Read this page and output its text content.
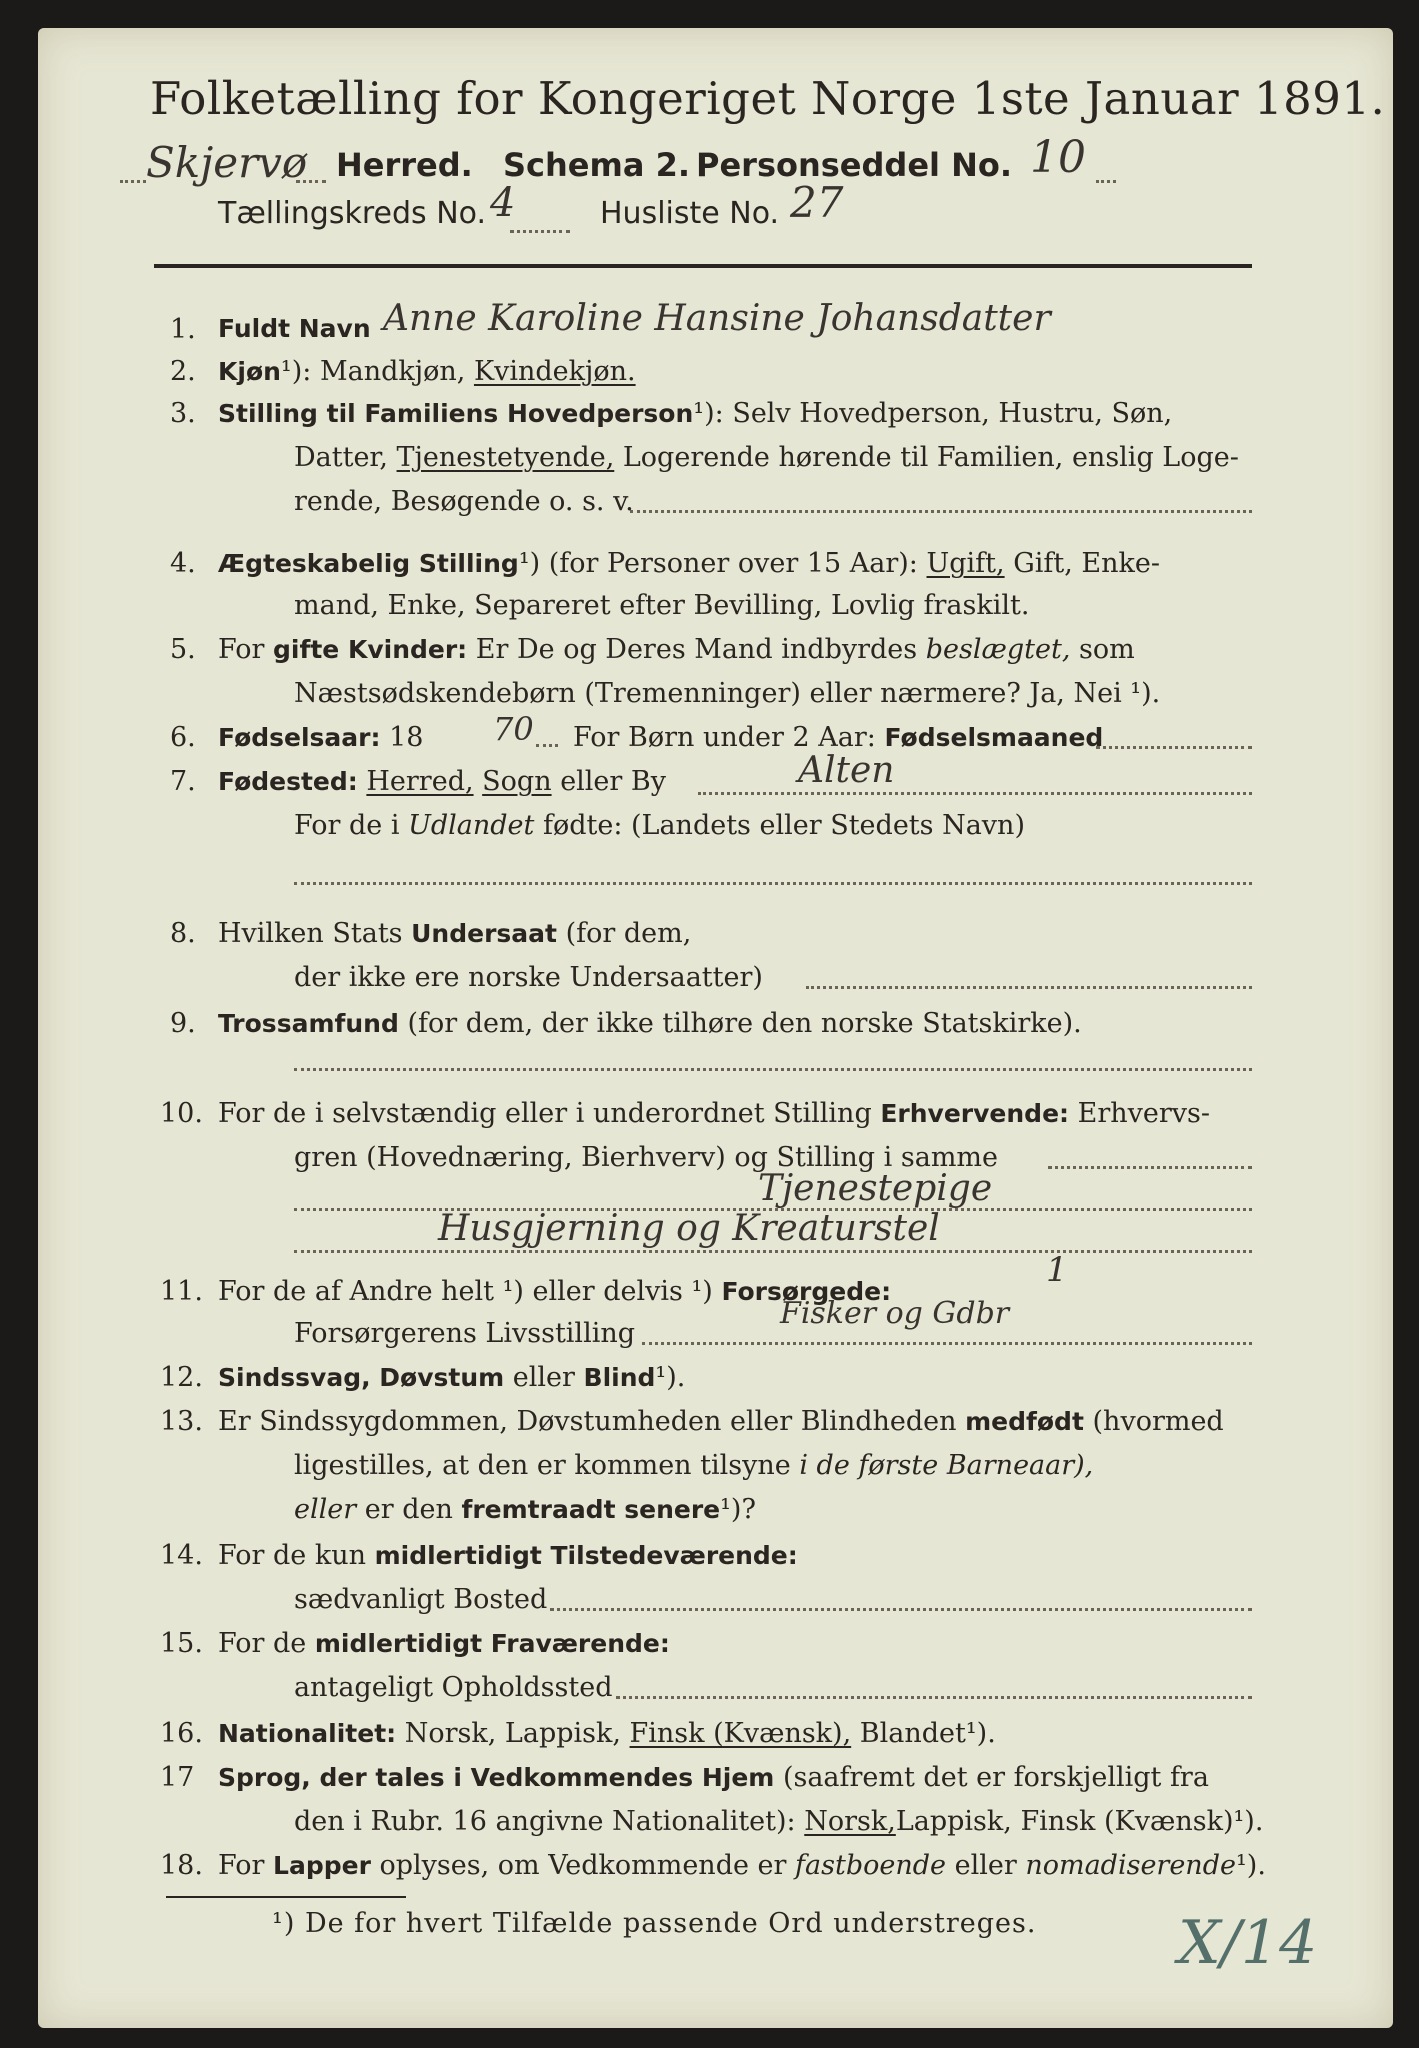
Folketælling for Kongeriget Norge 1ste Januar 1891.
Skjervø Herred. Schema 2. Personseddel No. 10
Tællingskreds No. 4	Husliste No. 27
1. Fuldt Navn Anne Karoline Hansine Johansdatter
2. Kjøn¹): Mandkjøn, Kvindekjøn.
3. Stilling til Familiens Hovedperson¹): Selv Hovedperson, Hustru, Søn,
Datter, Tjenestetyende, Logerende hørende til Familien, enslig Loge-
rende, Besøgende o. s. v.
4. Ægteskabelig Stilling¹) (for Personer over 15 Aar): Ugift, Gift, Enke-
mand, Enke, Separeret efter Bevilling, Lovlig fraskilt.
5. For gifte Kvinder: Er De og Deres Mand indbyrdes beslægtet, som
Næstsødskendebørn (Tremenninger) eller nærmere? Ja, Nei ¹).
6. Fødselsaar: 18 70 For Børn under 2 Aar: Fødselsmaaned
7. Fødested: Herred, Sogn eller By	Alten
For de i Udlandet fødte: (Landets eller Stedets Navn)
8. Hvilken Stats Undersaat (for dem,
der ikke ere norske Undersaatter)
9. Trossamfund (for dem, der ikke tilhøre den norske Statskirke).
10. For de i selvstændig eller i underordnet Stilling Erhvervende: Erhvervs-
gren (Hovednæring, Bierhverv) og Stilling i samme
Tjenestepige
Husgjerning og Kreaturstel
11. For de af Andre helt ¹) eller delvis ¹) Forsørgede:
1
Forsørgerens Livsstilling
Fisker og Gdbr
12. Sindssvag, Døvstum eller Blind¹).
13. Er Sindssygdommen, Døvstumheden eller Blindheden medfødt (hvormed
ligestilles, at den er kommen tilsyne i de første Barneaar),
eller er den fremtraadt senere¹)?
14. For de kun midlertidigt Tilstedeværende:
sædvanligt Bosted
15. For de midlertidigt Fraværende:
antageligt Opholdssted
16. Nationalitet: Norsk, Lappisk, Finsk (Kvænsk), Blandet¹).
17 Sprog, der tales i Vedkommendes Hjem (saafremt det er forskjelligt fra
den i Rubr. 16 angivne Nationalitet): Norsk,Lappisk, Finsk (Kvænsk)¹).
18. For Lapper oplyses, om Vedkommende er fastboende eller nomadiserende¹).
¹) De for hvert Tilfælde passende Ord understreges. X/14
